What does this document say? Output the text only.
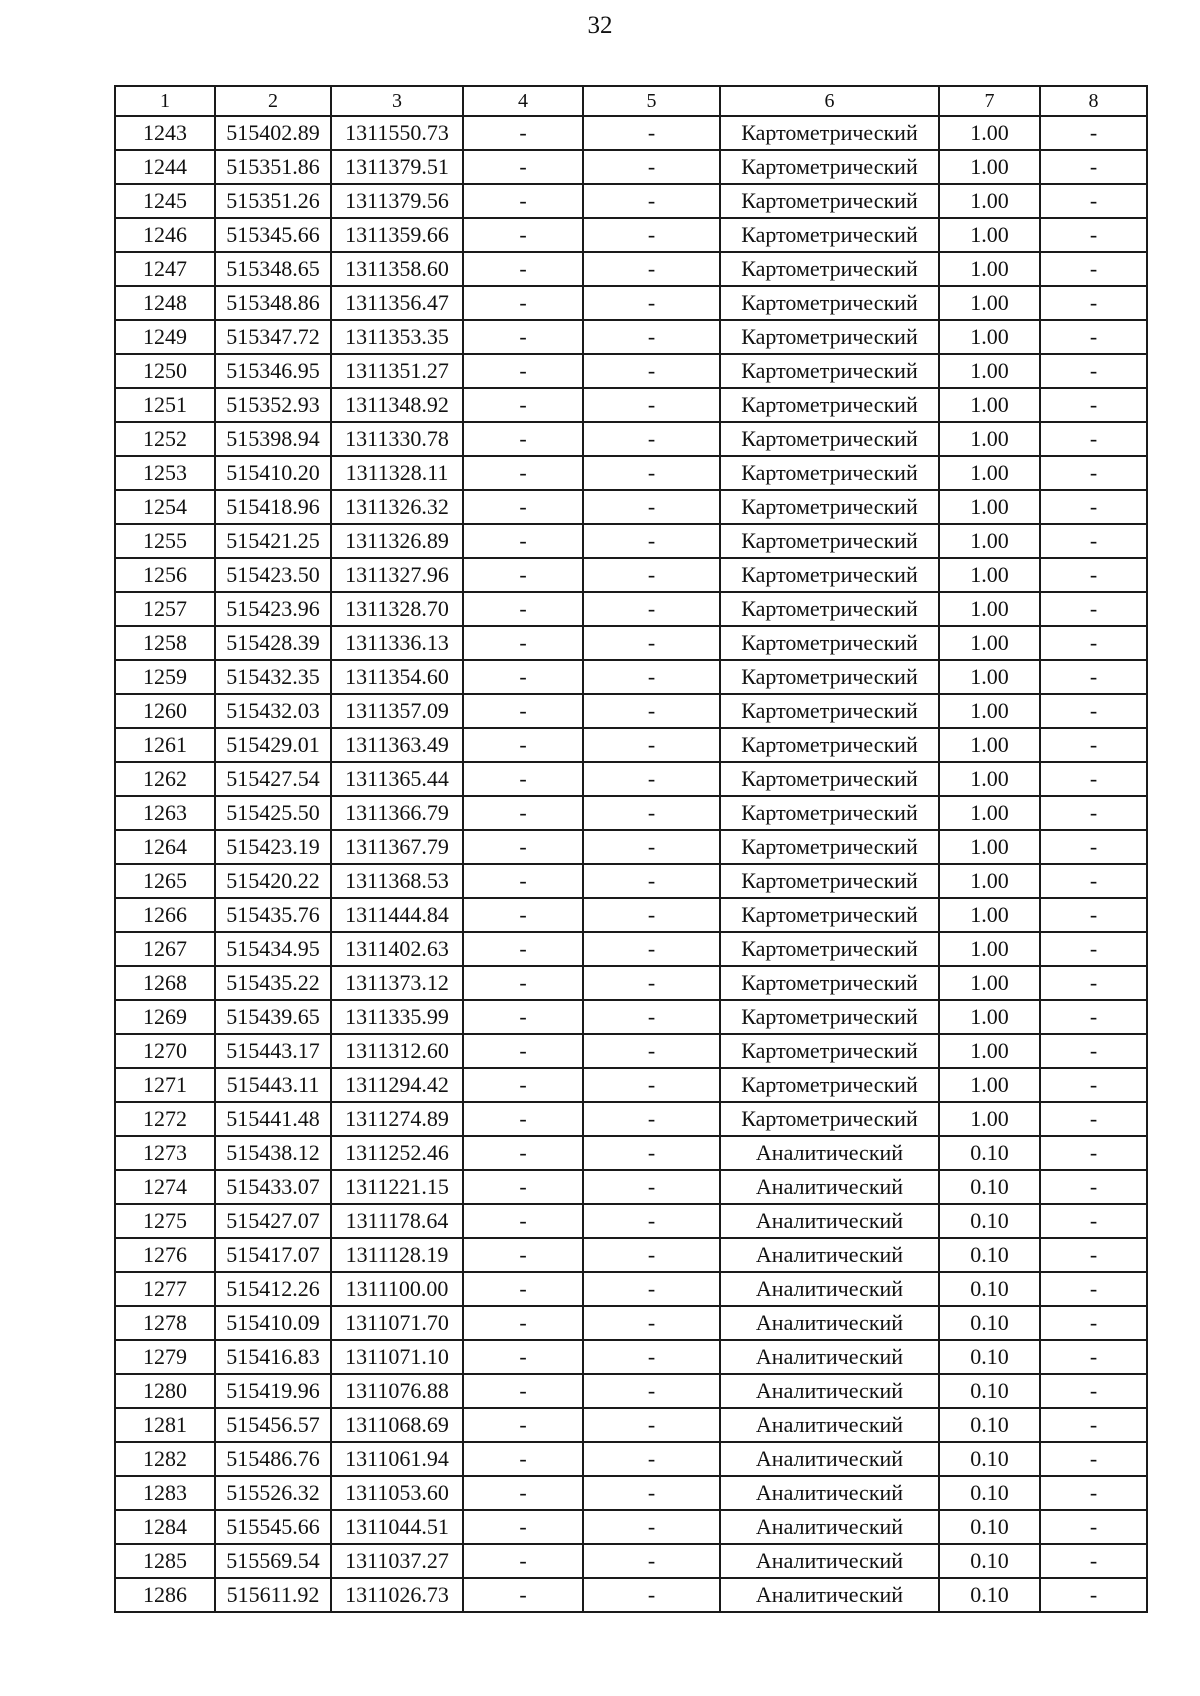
32
1	2	3	4	5	6	7	8
1243	515402.89	1311550.73	-	-	Картометрический	1.00	-
1244	515351.86	1311379.51	-	-	Картометрический	1.00	-
1245	515351.26	1311379.56	-	-	Картометрический	1.00	-
1246	515345.66	1311359.66	-	-	Картометрический	1.00	-
1247	515348.65	1311358.60	-	-	Картометрический	1.00	-
1248	515348.86	1311356.47	-	-	Картометрический	1.00	-
1249	515347.72	1311353.35	-	-	Картометрический	1.00	-
1250	515346.95	1311351.27	-	-	Картометрический	1.00	-
1251	515352.93	1311348.92	-	-	Картометрический	1.00	-
1252	515398.94	1311330.78	-	-	Картометрический	1.00	-
1253	515410.20	1311328.11	-	-	Картометрический	1.00	-
1254	515418.96	1311326.32	-	-	Картометрический	1.00	-
1255	515421.25	1311326.89	-	-	Картометрический	1.00	-
1256	515423.50	1311327.96	-	-	Картометрический	1.00	-
1257	515423.96	1311328.70	-	-	Картометрический	1.00	-
1258	515428.39	1311336.13	-	-	Картометрический	1.00	-
1259	515432.35	1311354.60	-	-	Картометрический	1.00	-
1260	515432.03	1311357.09	-	-	Картометрический	1.00	-
1261	515429.01	1311363.49	-	-	Картометрический	1.00	-
1262	515427.54	1311365.44	-	-	Картометрический	1.00	-
1263	515425.50	1311366.79	-	-	Картометрический	1.00	-
1264	515423.19	1311367.79	-	-	Картометрический	1.00	-
1265	515420.22	1311368.53	-	-	Картометрический	1.00	-
1266	515435.76	1311444.84	-	-	Картометрический	1.00	-
1267	515434.95	1311402.63	-	-	Картометрический	1.00	-
1268	515435.22	1311373.12	-	-	Картометрический	1.00	-
1269	515439.65	1311335.99	-	-	Картометрический	1.00	-
1270	515443.17	1311312.60	-	-	Картометрический	1.00	-
1271	515443.11	1311294.42	-	-	Картометрический	1.00	-
1272	515441.48	1311274.89	-	-	Картометрический	1.00	-
1273	515438.12	1311252.46	-	-	Аналитический	0.10	-
1274	515433.07	1311221.15	-	-	Аналитический	0.10	-
1275	515427.07	1311178.64	-	-	Аналитический	0.10	-
1276	515417.07	1311128.19	-	-	Аналитический	0.10	-
1277	515412.26	1311100.00	-	-	Аналитический	0.10	-
1278	515410.09	1311071.70	-	-	Аналитический	0.10	-
1279	515416.83	1311071.10	-	-	Аналитический	0.10	-
1280	515419.96	1311076.88	-	-	Аналитический	0.10	-
1281	515456.57	1311068.69	-	-	Аналитический	0.10	-
1282	515486.76	1311061.94	-	-	Аналитический	0.10	-
1283	515526.32	1311053.60	-	-	Аналитический	0.10	-
1284	515545.66	1311044.51	-	-	Аналитический	0.10	-
1285	515569.54	1311037.27	-	-	Аналитический	0.10	-
1286	515611.92	1311026.73	-	-	Аналитический	0.10	-
